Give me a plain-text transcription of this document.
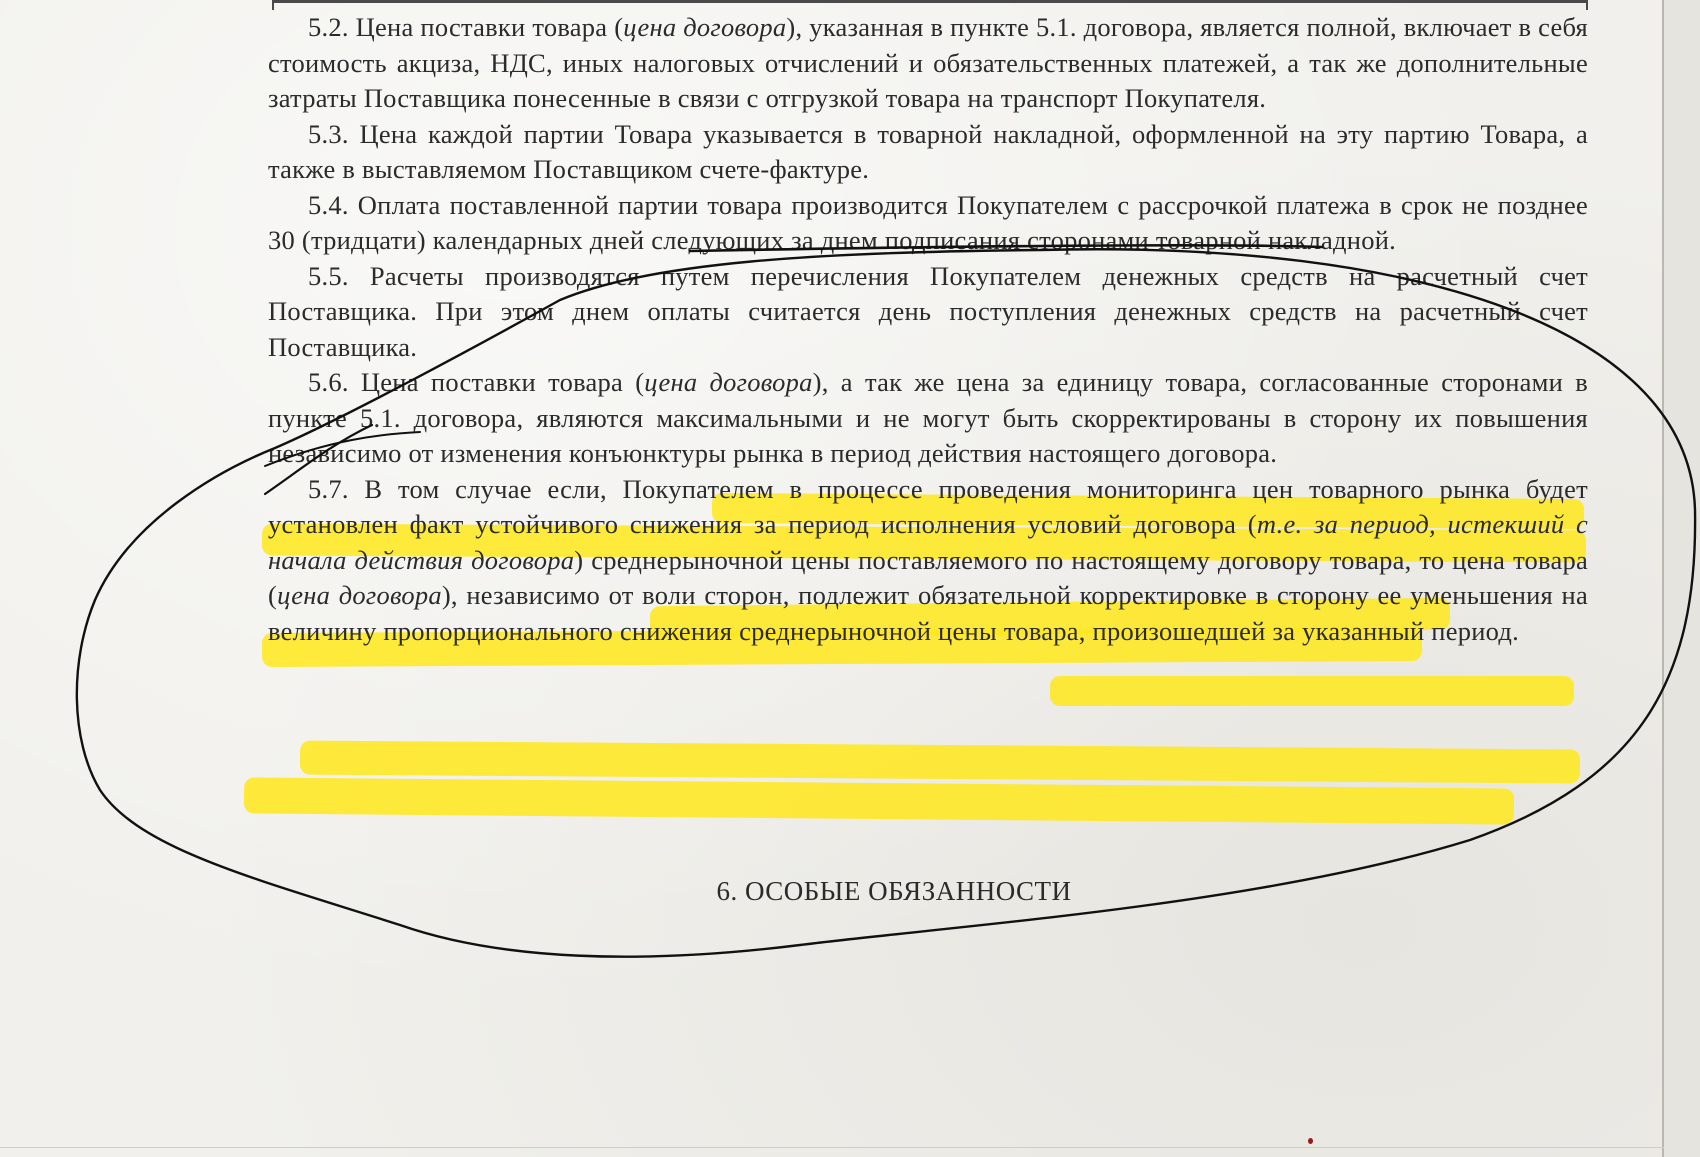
5.2. Цена поставки товара (цена договора), указанная в пункте 5.1. договора, является полной, включает в себя стоимость акциза, НДС, иных налоговых отчислений и обязательственных платежей, а так же дополнительные затраты Поставщика понесенные в связи с отгрузкой товара на транспорт Покупателя.

5.3. Цена каждой партии Товара указывается в товарной накладной, оформленной на эту партию Товара, а также в выставляемом Поставщиком счете-фактуре.

5.4. Оплата поставленной партии товара производится Покупателем с рассрочкой платежа в срок не позднее 30 (тридцати) календарных дней следующих за днем подписания сторонами товарной накладной.

5.5. Расчеты производятся путем перечисления Покупателем денежных средств на расчетный счет Поставщика. При этом днем оплаты считается день поступления денежных средств на расчетный счет Поставщика.

5.6. Цена поставки товара (цена договора), а так же цена за единицу товара, согласованные сторонами в пункте 5.1. договора, являются максимальными и не могут быть скорректированы в сторону их повышения независимо от изменения конъюнктуры рынка в период действия настоящего договора.

5.7. В том случае если, Покупателем в процессе проведения мониторинга цен товарного рынка будет установлен факт устойчивого снижения за период исполнения условий договора (т.е. за период, истекший с начала действия договора) среднерыночной цены поставляемого по настоящему договору товара, то цена товара (цена договора), независимо от воли сторон, подлежит обязательной корректировке в сторону ее уменьшения на величину пропорционального снижения среднерыночной цены товара, произошедшей за указанный период.

6. ОСОБЫЕ ОБЯЗАННОСТИ
